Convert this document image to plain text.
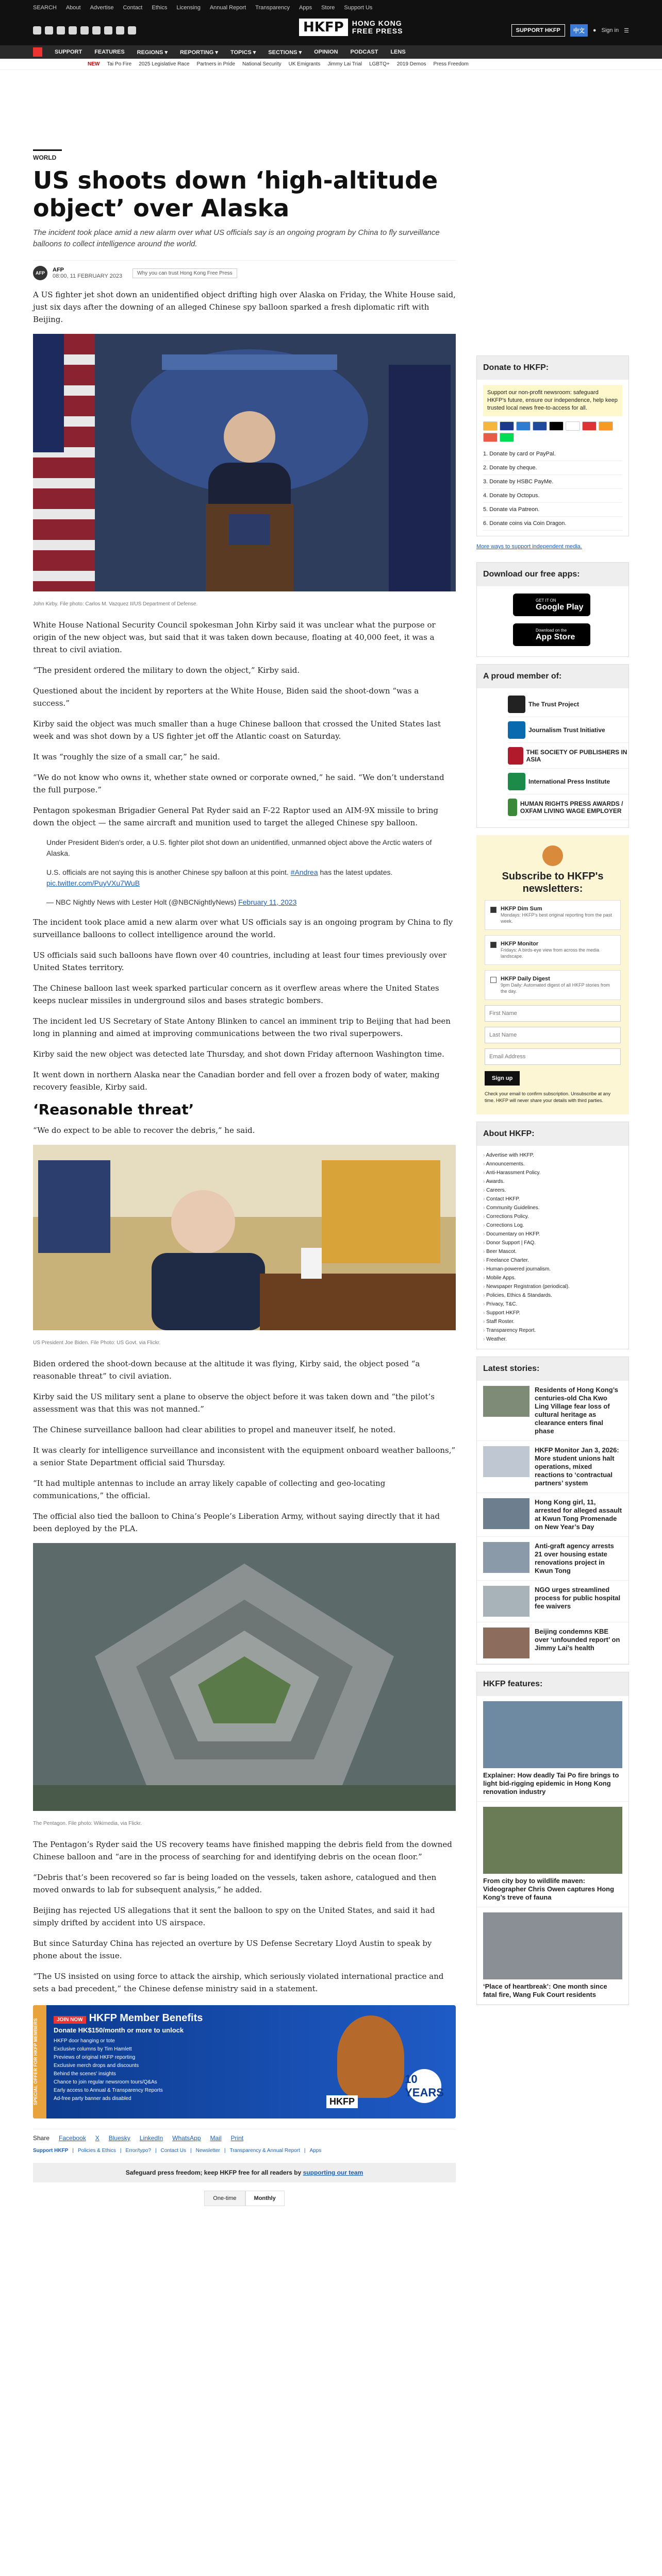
SEARCH About Advertise Contact Ethics Licensing Annual Report Transparency Apps Store Support Us
SUPPORT HKFP	中文	● Sign in ☰
HKFP	HONG KONG
FREE PRESS
SUPPORT FEATURES REGIONS ▾ REPORTING ▾ TOPICS ▾ SECTIONS ▾ OPINION PODCAST LENS
NEW Tai Po Fire 2025 Legislative Race Partners in Pride National Security UK Emigrants Jimmy Lai Trial LGBTQ+ 2019 Demos Press Freedom
WORLD
US shoots down ‘high-altitude object’ over Alaska
The incident took place amid a new alarm over what US officials say is an ongoing program by China to fly surveillance balloons to collect intelligence around the world.
AFP	AFP
08:00, 11 FEBRUARY 2023	Why you can trust Hong Kong Free Press

A US fighter jet shot down an unidentified object drifting high over Alaska on Friday, the White House said, just six days after the downing of an alleged Chinese spy balloon sparked a fresh diplomatic rift with Beijing.

John Kirby. File photo: Carlos M. Vazquez II/US Department of Defense.

White House National Security Council spokesman John Kirby said it was unclear what the purpose or origin of the new object was, but said that it was taken down because, floating at 40,000 feet, it was a threat to civil aviation.

“The president ordered the military to down the object,” Kirby said.

Questioned about the incident by reporters at the White House, Biden said the shoot-down “was a success.”

Kirby said the object was much smaller than a huge Chinese balloon that crossed the United States last week and was shot down by a US fighter jet off the Atlantic coast on Saturday.

It was “roughly the size of a small car,” he said.

“We do not know who owns it, whether state owned or corporate owned,” he said. “We don’t understand the full purpose.”

Pentagon spokesman Brigadier General Pat Ryder said an F-22 Raptor used an AIM-9X missile to bring down the object — the same aircraft and munition used to target the alleged Chinese spy balloon.

Under President Biden's order, a U.S. fighter pilot shot down an unidentified, unmanned object above the Arctic waters of Alaska.

U.S. officials are not saying this is another Chinese spy balloon at this point. #Andrea has the latest updates. pic.twitter.com/PuyVXu7WuB

— NBC Nightly News with Lester Holt (@NBCNightlyNews) February 11, 2023

The incident took place amid a new alarm over what US officials say is an ongoing program by China to fly surveillance balloons to collect intelligence around the world.

US officials said such balloons have flown over 40 countries, including at least four times previously over United States territory.

The Chinese balloon last week sparked particular concern as it overflew areas where the United States keeps nuclear missiles in underground silos and bases strategic bombers.

The incident led US Secretary of State Antony Blinken to cancel an imminent trip to Beijing that had been long in planning and aimed at improving communications between the two rival superpowers.

Kirby said the new object was detected late Thursday, and shot down Friday afternoon Washington time.

It went down in northern Alaska near the Canadian border and fell over a frozen body of water, making recovery feasible, Kirby said.

‘Reasonable threat’

“We do expect to be able to recover the debris,” he said.

US President Joe Biden. File Photo: US Govt. via Flickr.

Biden ordered the shoot-down because at the altitude it was flying, Kirby said, the object posed “a reasonable threat” to civil aviation.

Kirby said the US military sent a plane to observe the object before it was taken down and “the pilot’s assessment was that this was not manned.”

The Chinese surveillance balloon had clear abilities to propel and maneuver itself, he noted.

It was clearly for intelligence surveillance and inconsistent with the equipment onboard weather balloons,” a senior State Department official said Thursday.

“It had multiple antennas to include an array likely capable of collecting and geo-locating communications,” the official.

The official also tied the balloon to China’s People’s Liberation Army, without saying directly that it had been deployed by the PLA.

The Pentagon. File photo: Wikimedia, via Flickr.

The Pentagon’s Ryder said the US recovery teams have finished mapping the debris field from the downed Chinese balloon and “are in the process of searching for and identifying debris on the ocean floor.”

“Debris that’s been recovered so far is being loaded on the vessels, taken ashore, catalogued and then moved onwards to lab for subsequent analysis,” he added.

Beijing has rejected US allegations that it sent the balloon to spy on the United States, and said it had simply drifted by accident into US airspace.

But since Saturday China has rejected an overture by US Defense Secretary Lloyd Austin to speak by phone about the issue.

“The US insisted on using force to attack the airship, which seriously violated international practice and sets a bad precedent,” the Chinese defense ministry said in a statement.

SPECIAL OFFER FOR HKFP MEMBERS	JOIN NOW HKFP Member Benefits
Donate HK$150/month or more to unlock
HKFP door hanging or tote
Exclusive columns by Tim Hamlett
Previews of original HKFP reporting
Exclusive merch drops and discounts
Behind the scenes' insights
Chance to join regular newsroom tours/Q&As
Early access to Annual & Transparency Reports
Ad-free party banner ads disabled	HKFP
10 YEARS
Share Facebook X Bluesky LinkedIn WhatsApp Mail Print
Support HKFP | Policies & Ethics | Error/typo? | Contact Us | Newsletter | Transparency & Annual Report | Apps
Safeguard press freedom; keep HKFP free for all readers by supporting our team
One-time	Monthly
Donate to HKFP:
Support our non-profit newsroom: safeguard HKFP's future, ensure our independence, help keep trusted local news free-to-access for all.
1. Donate by card or PayPal.
2. Donate by cheque.
3. Donate by HSBC PayMe.
4. Donate by Octopus.
5. Donate via Patreon.
6. Donate coins via Coin Dragon.
More ways to support independent media.
Download our free apps:
GET IT ON
Google Play
Download on the
App Store
A proud member of:
The Trust Project
Journalism Trust Initiative
THE SOCIETY OF PUBLISHERS IN ASIA
International Press Institute
HUMAN RIGHTS PRESS AWARDS / OXFAM LIVING WAGE EMPLOYER
Subscribe to HKFP's newsletters:
HKFP Dim Sum
Mondays: HKFP's best original reporting from the past week.
HKFP Monitor
Fridays: A birds-eye view from across the media landscape.
HKFP Daily Digest
9pm Daily: Automated digest of all HKFP stories from the day.
First Name Last Name Email Address
Sign up
Check your email to confirm subscription. Unsubscribe at any time. HKFP will never share your details with third parties.
About HKFP:
› Advertise with HKFP.
› Announcements.
› Anti-Harassment Policy.
› Awards.
› Careers.
› Contact HKFP.
› Community Guidelines.
› Corrections Policy.
› Corrections Log.
› Documentary on HKFP.
› Donor Support | FAQ.
› Beer Mascot.
› Freelance Charter.
› Human-powered journalism.
› Mobile Apps.
› Newspaper Registration (periodical).
› Policies, Ethics & Standards.
› Privacy, T&C.
› Support HKFP.
› Staff Roster.
› Transparency Report.
› Weather.
Latest stories:
Residents of Hong Kong’s centuries-old Cha Kwo Ling Village fear loss of cultural heritage as clearance enters final phase
HKFP Monitor Jan 3, 2026: More student unions halt operations, mixed reactions to ‘contractual partners’ system
Hong Kong girl, 11, arrested for alleged assault at Kwun Tong Promenade on New Year’s Day
Anti-graft agency arrests 21 over housing estate renovations project in Kwun Tong
NGO urges streamlined process for public hospital fee waivers
Beijing condemns KBE over ‘unfounded report’ on Jimmy Lai’s health
HKFP features:
Explainer: How deadly Tai Po fire brings to light bid-rigging epidemic in Hong Kong renovation industry
From city boy to wildlife maven: Videographer Chris Owen captures Hong Kong’s treve of fauna
‘Place of heartbreak’: One month since fatal fire, Wang Fuk Court residents
